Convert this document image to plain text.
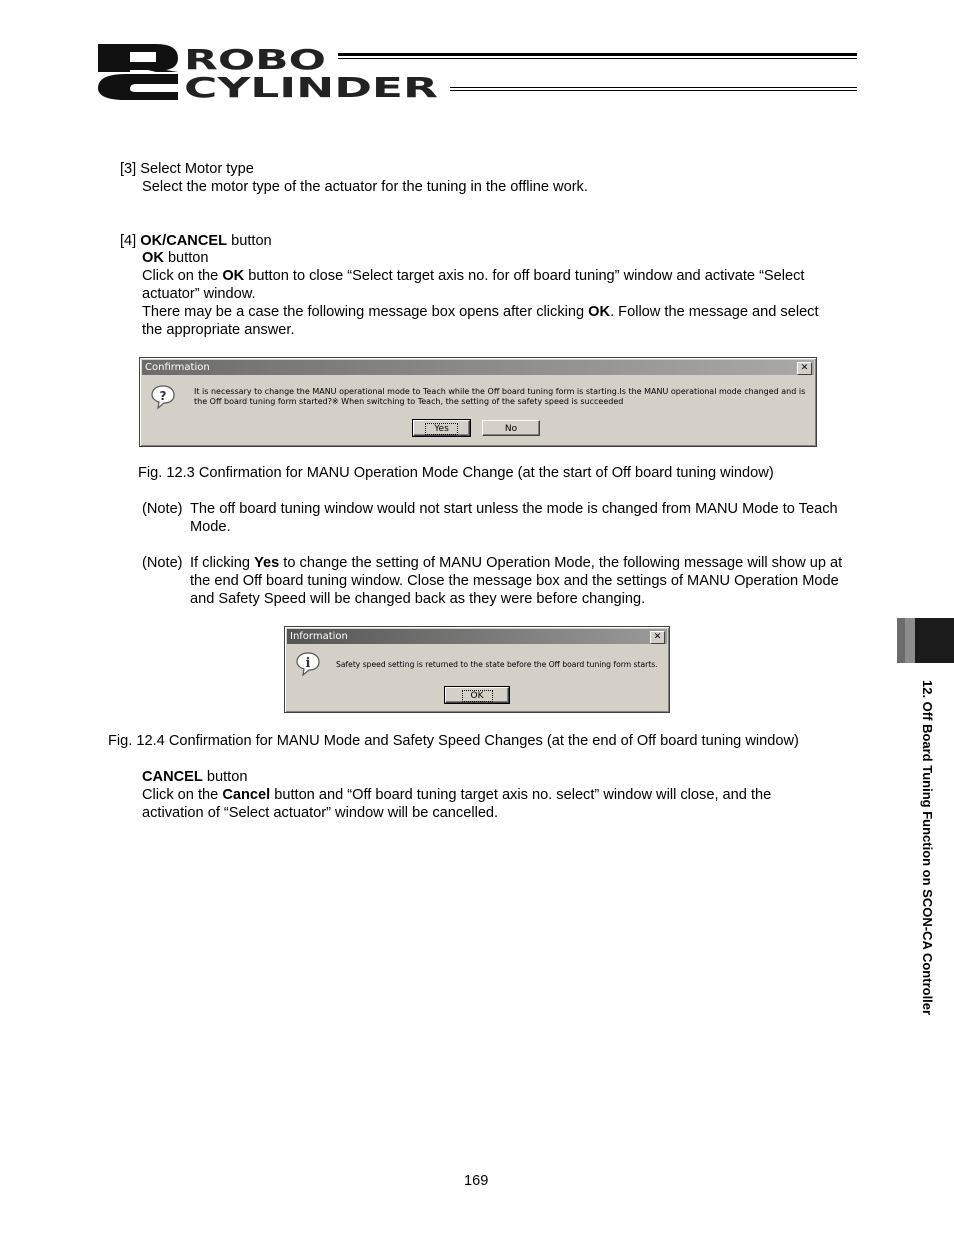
ROBO
CYLINDER
[3] Select Motor type
Select the motor type of the actuator for the tuning in the offline work.
[4] OK/CANCEL button
OK button
Click on the OK button to close “Select target axis no. for off board tuning” window and activate “Select actuator” window.
There may be a case the following message box opens after clicking OK. Follow the message and select the appropriate answer.
Confirmation	✕
?	It is necessary to change the MANU operational mode to Teach while the Off board tuning form is starting.Is the MANU operational mode changed and is the Off board tuning form started?※ When switching to Teach, the setting of the safety speed is succeeded
Yes	No
Fig. 12.3 Confirmation for MANU Operation Mode Change (at the start of Off board tuning window)
(Note) The off board tuning window would not start unless the mode is changed from MANU Mode to Teach Mode.
(Note) If clicking Yes to change the setting of MANU Operation Mode, the following message will show up at the end Off board tuning window. Close the message box and the settings of MANU Operation Mode and Safety Speed will be changed back as they were before changing.
Information	✕
i	Safety speed setting is returned to the state before the Off board tuning form starts.
OK
Fig. 12.4 Confirmation for MANU Mode and Safety Speed Changes (at the end of Off board tuning window)
CANCEL button
Click on the Cancel button and “Off board tuning target axis no. select” window will close, and the activation of “Select actuator” window will be cancelled.	12. Off Board Tuning Function on SCON-CA Controller
169
